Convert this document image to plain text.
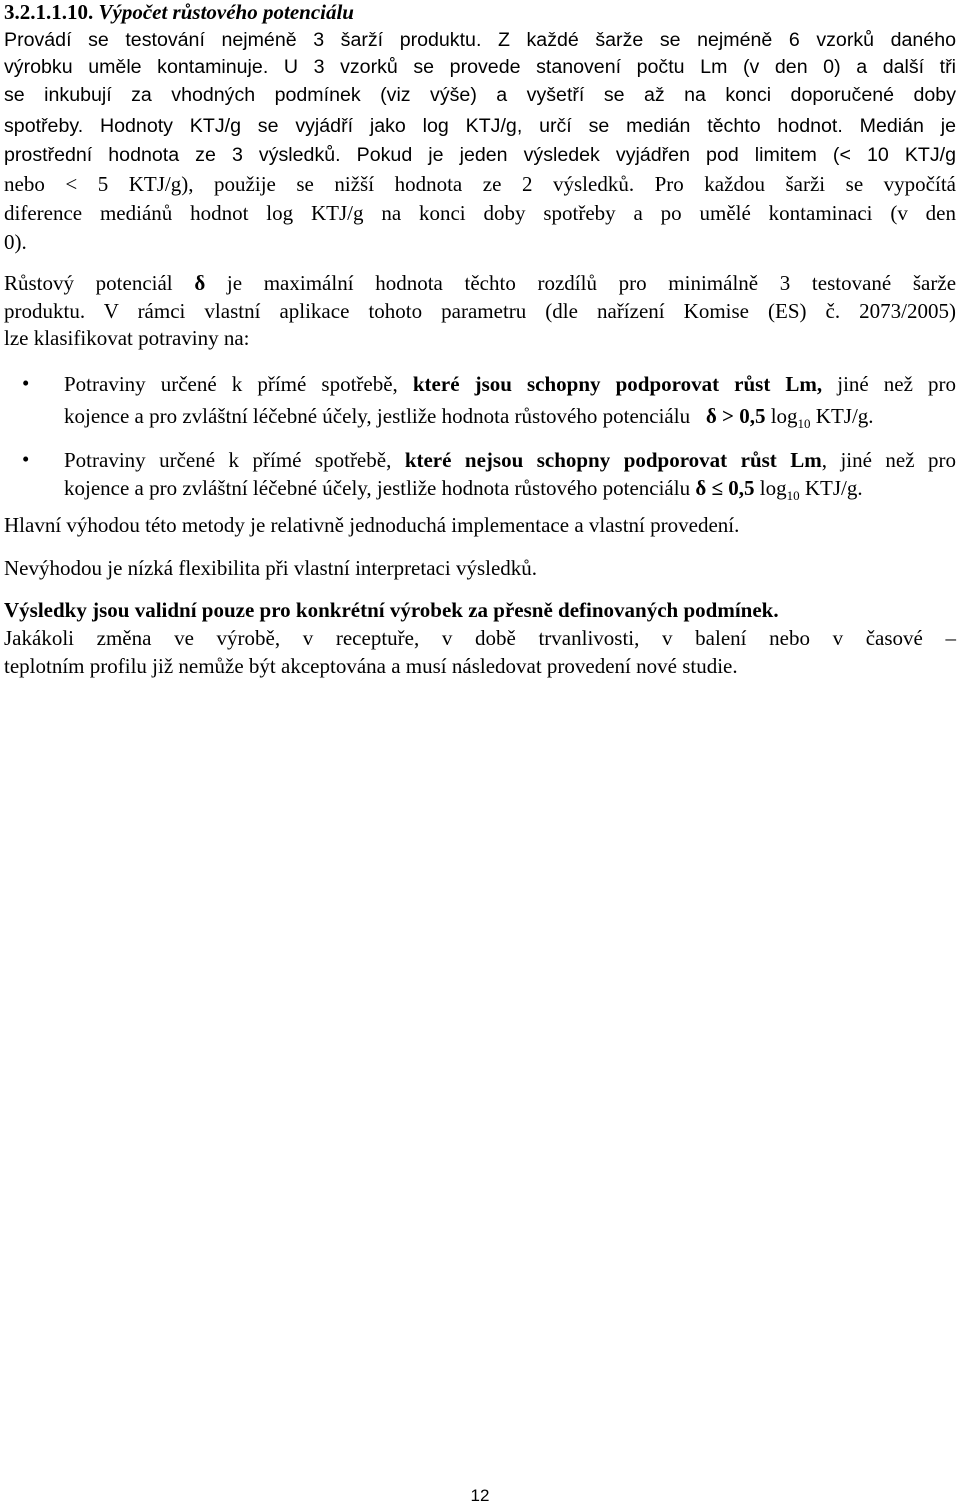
3.2.1.1.10. Výpočet růstového potenciálu
Provádí se testování nejméně 3 šarží produktu. Z každé šarže se nejméně 6 vzorků daného
výrobku uměle kontaminuje. U 3 vzorků se provede stanovení počtu Lm (v den 0) a další tři
se inkubují za vhodných podmínek (viz výše) a vyšetří se až na konci doporučené doby
spotřeby. Hodnoty KTJ/g se vyjádří jako log KTJ/g, určí se medián těchto hodnot. Medián je
prostřední hodnota ze 3 výsledků. Pokud je jeden výsledek vyjádřen pod limitem (< 10 KTJ/g
nebo < 5 KTJ/g), použije se nižší hodnota ze 2 výsledků. Pro každou šarži se vypočítá
diference mediánů hodnot log KTJ/g na konci doby spotřeby a po umělé kontaminaci (v den
0).
Růstový potenciál δ je maximální hodnota těchto rozdílů pro minimálně 3 testované šarže
produktu. V rámci vlastní aplikace tohoto parametru (dle nařízení Komise (ES) č. 2073/2005)
lze klasifikovat potraviny na:
• Potraviny určené k přímé spotřebě, které jsou schopny podporovat růst Lm, jiné než pro
kojence a pro zvláštní léčebné účely, jestliže hodnota růstového potenciálu δ > 0,5 $\log_{10} KTJ/g$.
• Potraviny určené k přímé spotřebě, které nejsou schopny podporovat růst Lm, jiné než pro
kojence a pro zvláštní léčebné účely, jestliže hodnota růstového potenciálu δ ≤ 0,5 $\log_{10} KTJ/g$.
Hlavní výhodou této metody je relativně jednoduchá implementace a vlastní provedení.
Nevýhodou je nízká flexibilita při vlastní interpretaci výsledků.
Výsledky jsou validní pouze pro konkrétní výrobek za přesně definovaných podmínek.
Jakákoli změna ve výrobě, v receptuře, v době trvanlivosti, v balení nebo v časové –
teplotním profilu již nemůže být akceptována a musí následovat provedení nové studie.
12
